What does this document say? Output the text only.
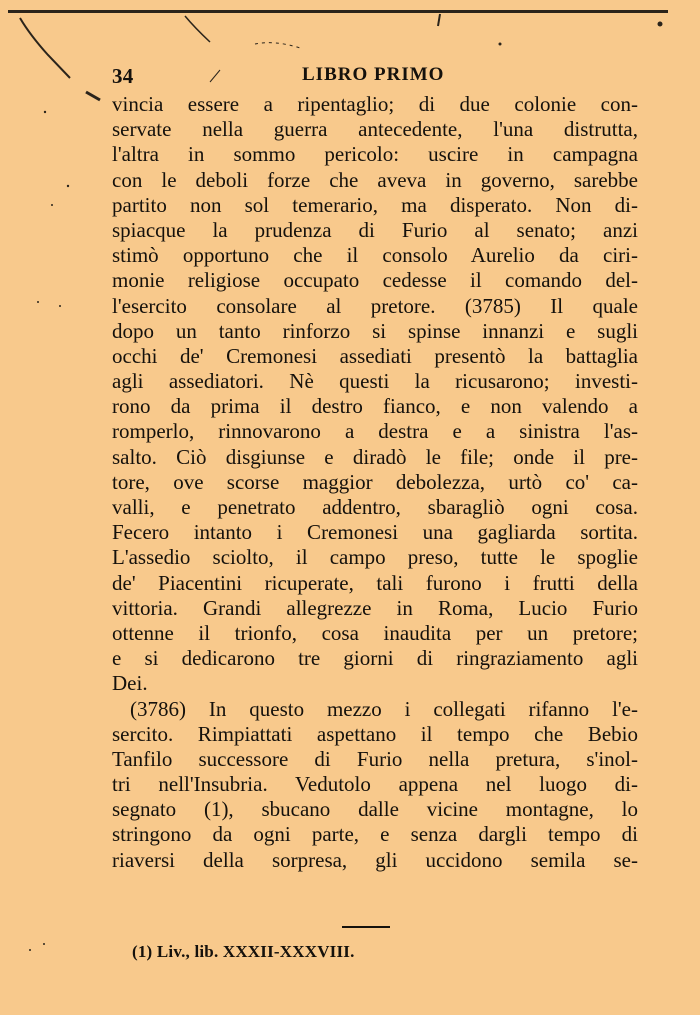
34	LIBRO PRIMO
vincia essere a ripentaglio; di due colonie con-
servate nella guerra antecedente, l'una distrutta,
l'altra in sommo pericolo: uscire in campagna
con le deboli forze che aveva in governo, sarebbe
partito non sol temerario, ma disperato. Non di-
spiacque la prudenza di Furio al senato; anzi
stimò opportuno che il consolo Aurelio da ciri-
monie religiose occupato cedesse il comando del-
l'esercito consolare al pretore. (3785) Il quale
dopo un tanto rinforzo si spinse innanzi e sugli
occhi de' Cremonesi assediati presentò la battaglia
agli assediatori. Nè questi la ricusarono; investi-
rono da prima il destro fianco, e non valendo a
romperlo, rinnovarono a destra e a sinistra l'as-
salto. Ciò disgiunse e diradò le file; onde il pre-
tore, ove scorse maggior debolezza, urtò co' ca-
valli, e penetrato addentro, sbaragliò ogni cosa.
Fecero intanto i Cremonesi una gagliarda sortita.
L'assedio sciolto, il campo preso, tutte le spoglie
de' Piacentini ricuperate, tali furono i frutti della
vittoria. Grandi allegrezze in Roma, Lucio Furio
ottenne il trionfo, cosa inaudita per un pretore;
e si dedicarono tre giorni di ringraziamento agli
Dei.
(3786) In questo mezzo i collegati rifanno l'e-
sercito. Rimpiattati aspettano il tempo che Bebio
Tanfilo successore di Furio nella pretura, s'inol-
tri nell'Insubria. Vedutolo appena nel luogo di-
segnato (1), sbucano dalle vicine montagne, lo
stringono da ogni parte, e senza dargli tempo di
riaversi della sorpresa, gli uccidono semila se-
(1) Liv., lib. XXXII-XXXVIII.
